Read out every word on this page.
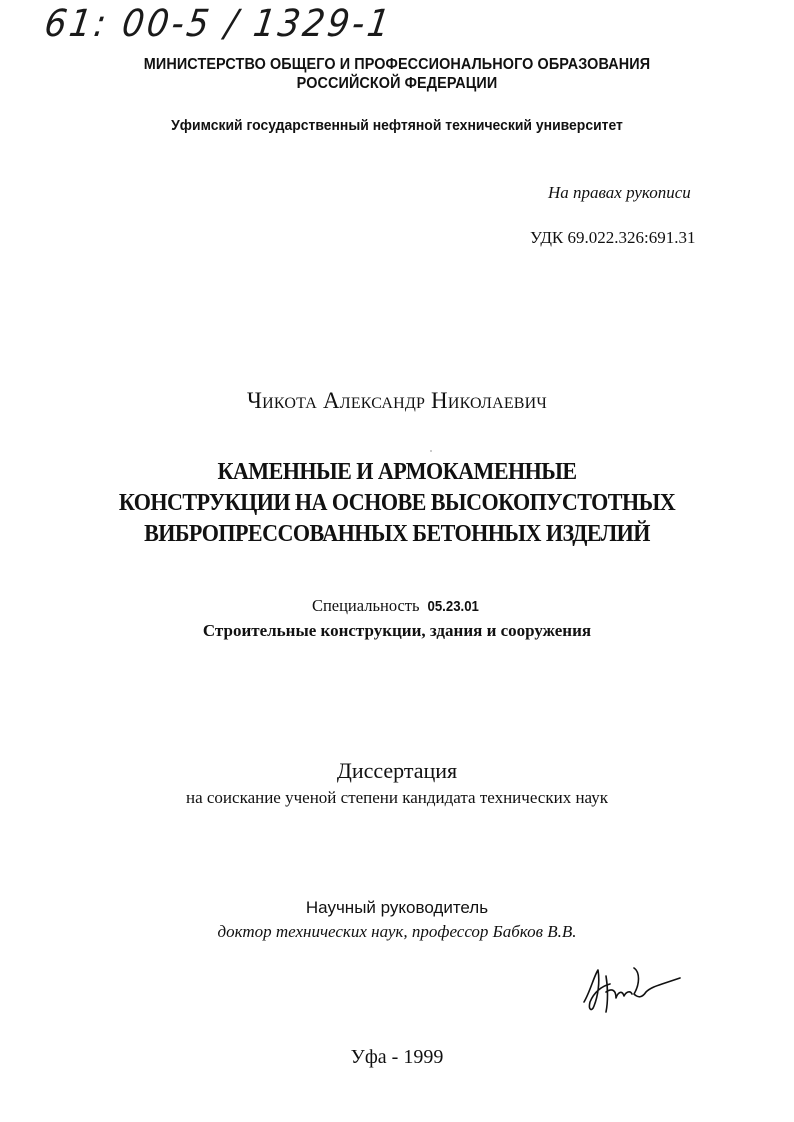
61: 00-5 / 1329-1
МИНИСТЕРСТВО ОБЩЕГО И ПРОФЕССИОНАЛЬНОГО ОБРАЗОВАНИЯ
РОССИЙСКОЙ ФЕДЕРАЦИИ
Уфимский государственный нефтяной технический университет
На правах рукописи
УДК 69.022.326:691.31
Чикота Александр Николаевич
КАМЕННЫЕ И АРМОКАМЕННЫЕ
КОНСТРУКЦИИ НА ОСНОВЕ ВЫСОКОПУСТОТНЫХ
ВИБРОПРЕССОВАННЫХ БЕТОННЫХ ИЗДЕЛИЙ
Специальность 05.23.01
Строительные конструкции, здания и сооружения
Диссертация
на соискание ученой степени кандидата технических наук
Научный руководитель
доктор технических наук, профессор Бабков В.В.
Уфа - 1999
